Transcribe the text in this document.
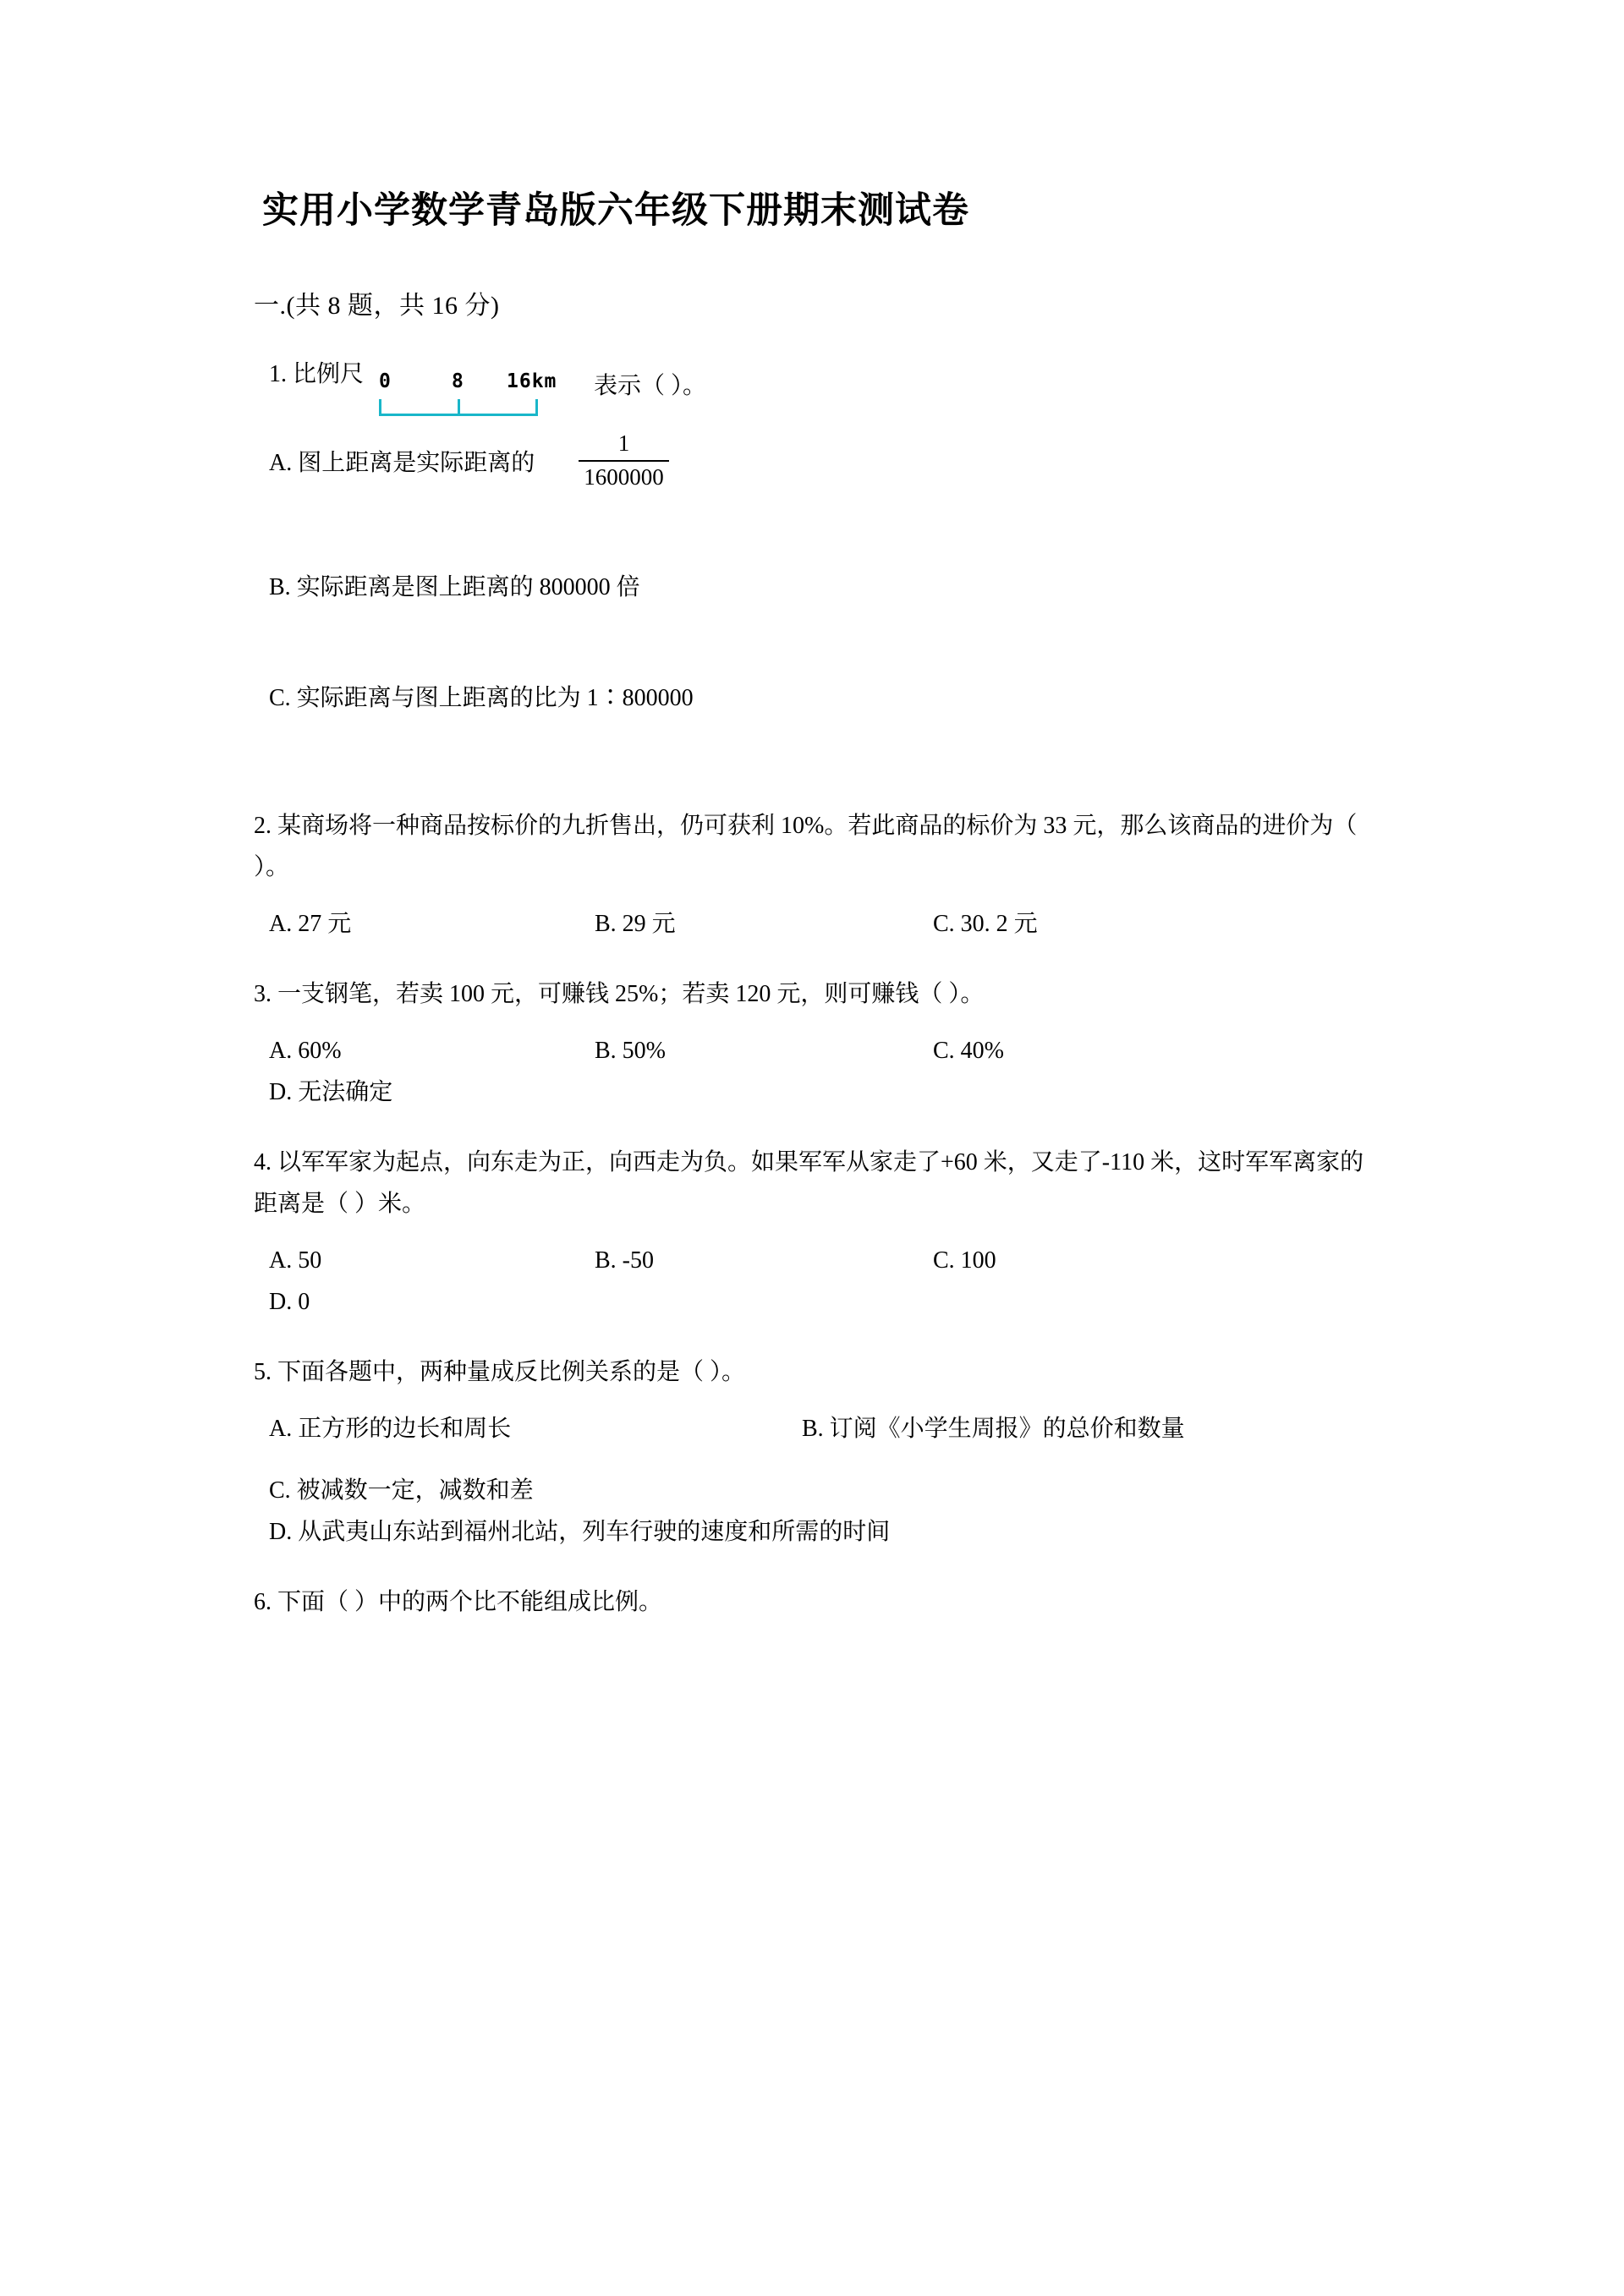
实用小学数学青岛版六年级下册期末测试卷
一.(共 8 题，共 16 分)
1. 比例尺 0	8 16km 表示（ ）。
A. 图上距离是实际距离的 $\frac{1}{1600000}$
B. 实际距离是图上距离的 800000 倍
C. 实际距离与图上距离的比为 1∶800000
2. 某商场将一种商品按标价的九折售出，仍可获利 10%。若此商品的标价为 33 元，那么该商品的进价为（ ）。
A. 27 元	B. 29 元	C. 30. 2 元
3. 一支钢笔，若卖 100 元，可赚钱 25%；若卖 120 元，则可赚钱（ ）。
A. 60%	B. 50%	C. 40%
D. 无法确定
4. 以军军家为起点，向东走为正，向西走为负。如果军军从家走了+60 米，又走了-110 米，这时军军离家的距离是（ ）米。
A. 50	B. -50	C. 100
D. 0
5. 下面各题中，两种量成反比例关系的是（ ）。
A. 正方形的边长和周长	B. 订阅《小学生周报》的总价和数量
C. 被减数一定，减数和差
D. 从武夷山东站到福州北站，列车行驶的速度和所需的时间
6. 下面（ ）中的两个比不能组成比例。
